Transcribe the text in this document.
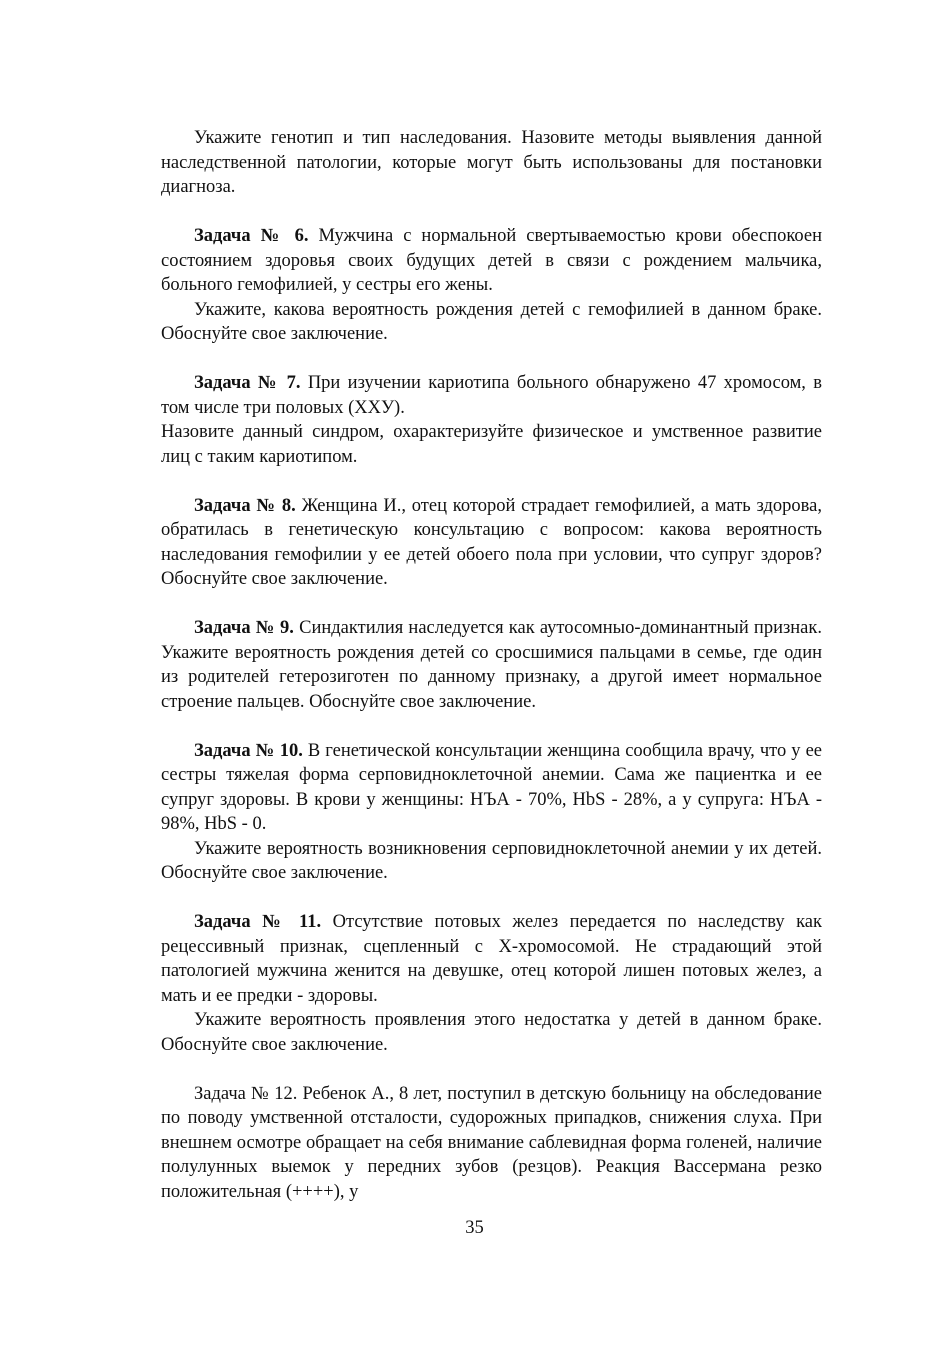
Укажите генотип и тип наследования. Назовите методы выявления данной наследственной патологии, которые могут быть использованы для постановки диагноза.

Задача № 6. Мужчина с нормальной свертываемостью крови обеспокоен состоянием здоровья своих будущих детей в связи с рождением мальчика, больного гемофилией, у сестры его жены.

Укажите, какова вероятность рождения детей с гемофилией в данном браке. Обоснуйте свое заключение.

Задача № 7. При изучении кариотипа больного обнаружено 47 хромосом, в том числе три половых (ХХУ).

Назовите данный синдром, охарактеризуйте физическое и умственное развитие лиц с таким кариотипом.

Задача № 8. Женщина И., отец которой страдает гемофилией, а мать здорова, обратилась в генетическую консультацию с вопросом: какова вероятность наследования гемофилии у ее детей обоего пола при условии, что супруг здоров? Обоснуйте свое заключение.

Задача № 9. Синдактилия наследуется как аутосомныо-доминантный признак. Укажите вероятность рождения детей со сросшимися пальцами в семье, где один из родителей гетерозиготен по данному признаку, а другой имеет нормальное строение пальцев. Обоснуйте свое заключение.

Задача № 10. В генетической консультации женщина сообщила врачу, что у ее сестры тяжелая форма серповидноклеточной анемии. Сама же пациентка и ее супруг здоровы. В крови у женщины: НЪА - 70%, НbS - 28%, а у супруга: НЪА - 98%, НbS - 0.

Укажите вероятность возникновения серповидноклеточной анемии у их детей. Обоснуйте свое заключение.

Задача № 11. Отсутствие потовых желез передается по наследству как рецессивный признак, сцепленный с Х-хромосомой. Не страдающий этой патологией мужчина женится на девушке, отец которой лишен потовых желез, а мать и ее предки - здоровы.

Укажите вероятность проявления этого недостатка у детей в данном браке. Обоснуйте свое заключение.

Задача № 12. Ребенок А., 8 лет, поступил в детскую больницу на обследование по поводу умственной отсталости, судорожных припадков, снижения слуха. При внешнем осмотре обращает на себя внимание саблевидная форма голеней, наличие полулунных выемок у передних зубов (резцов). Реакция Вассермана резко положительная (++++), у

35
